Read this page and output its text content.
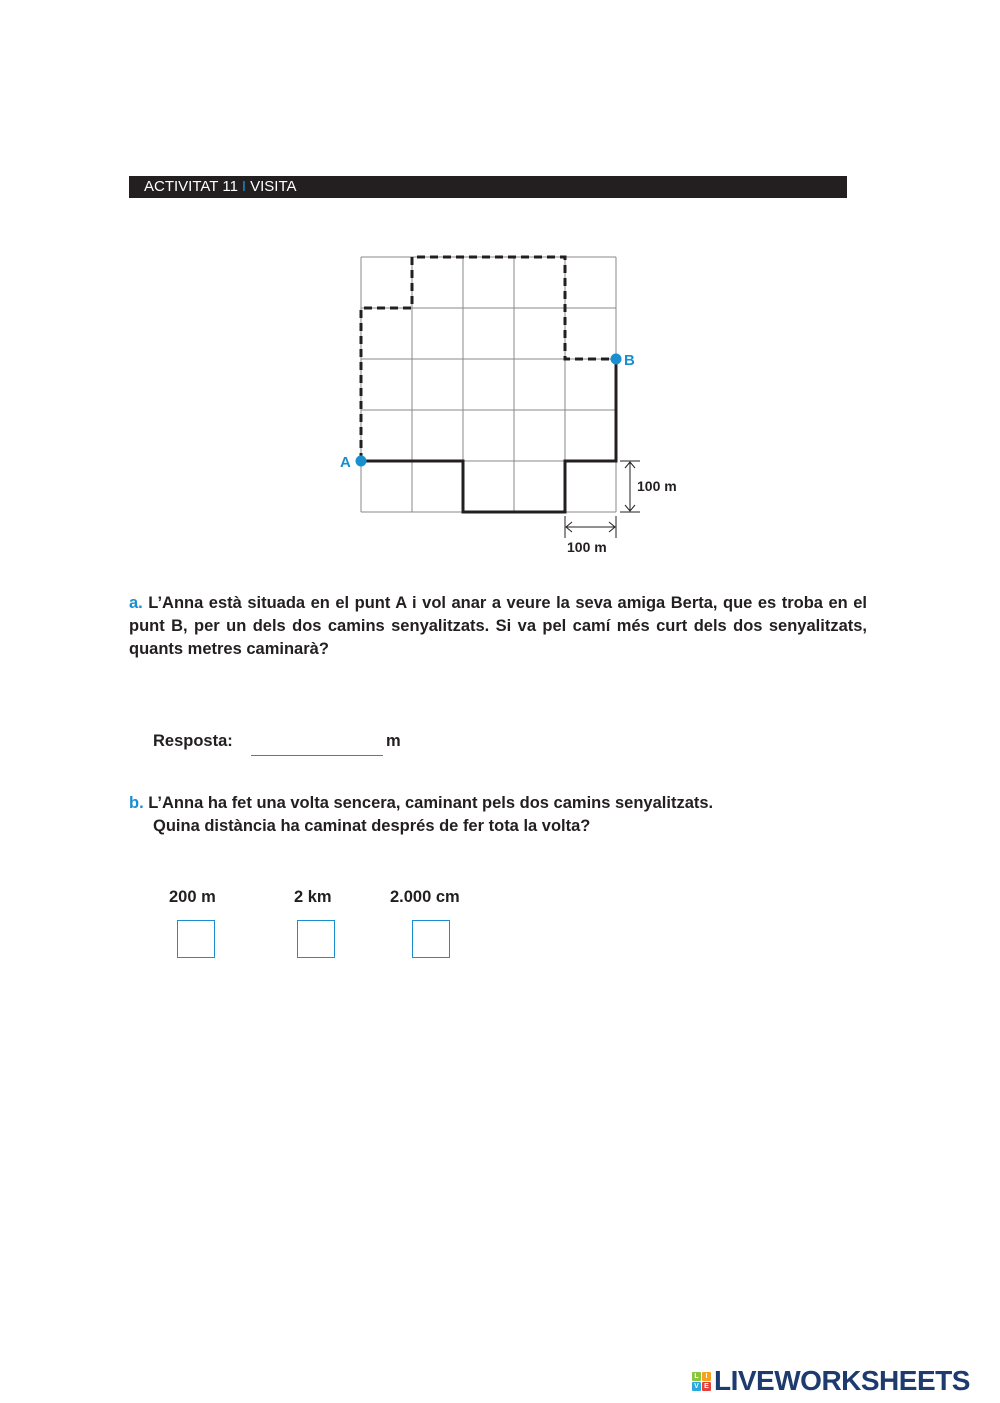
ACTIVITAT 11 I VISITA
A
B
100 m
100 m
a. L’Anna està situada en el punt A i vol anar a veure la seva amiga Berta, que es troba en el punt B, per un dels dos camins senyalitzats. Si va pel camí més curt dels dos senyalitzats, quants metres caminarà?
Resposta:	m
b. L’Anna ha fet una volta sencera, caminant pels dos camins senyalitzats.
Quina distància ha caminat després de fer tota la volta?
200 m	2 km	2.000 cm
L I
V E LIVEWORKSHEETS
